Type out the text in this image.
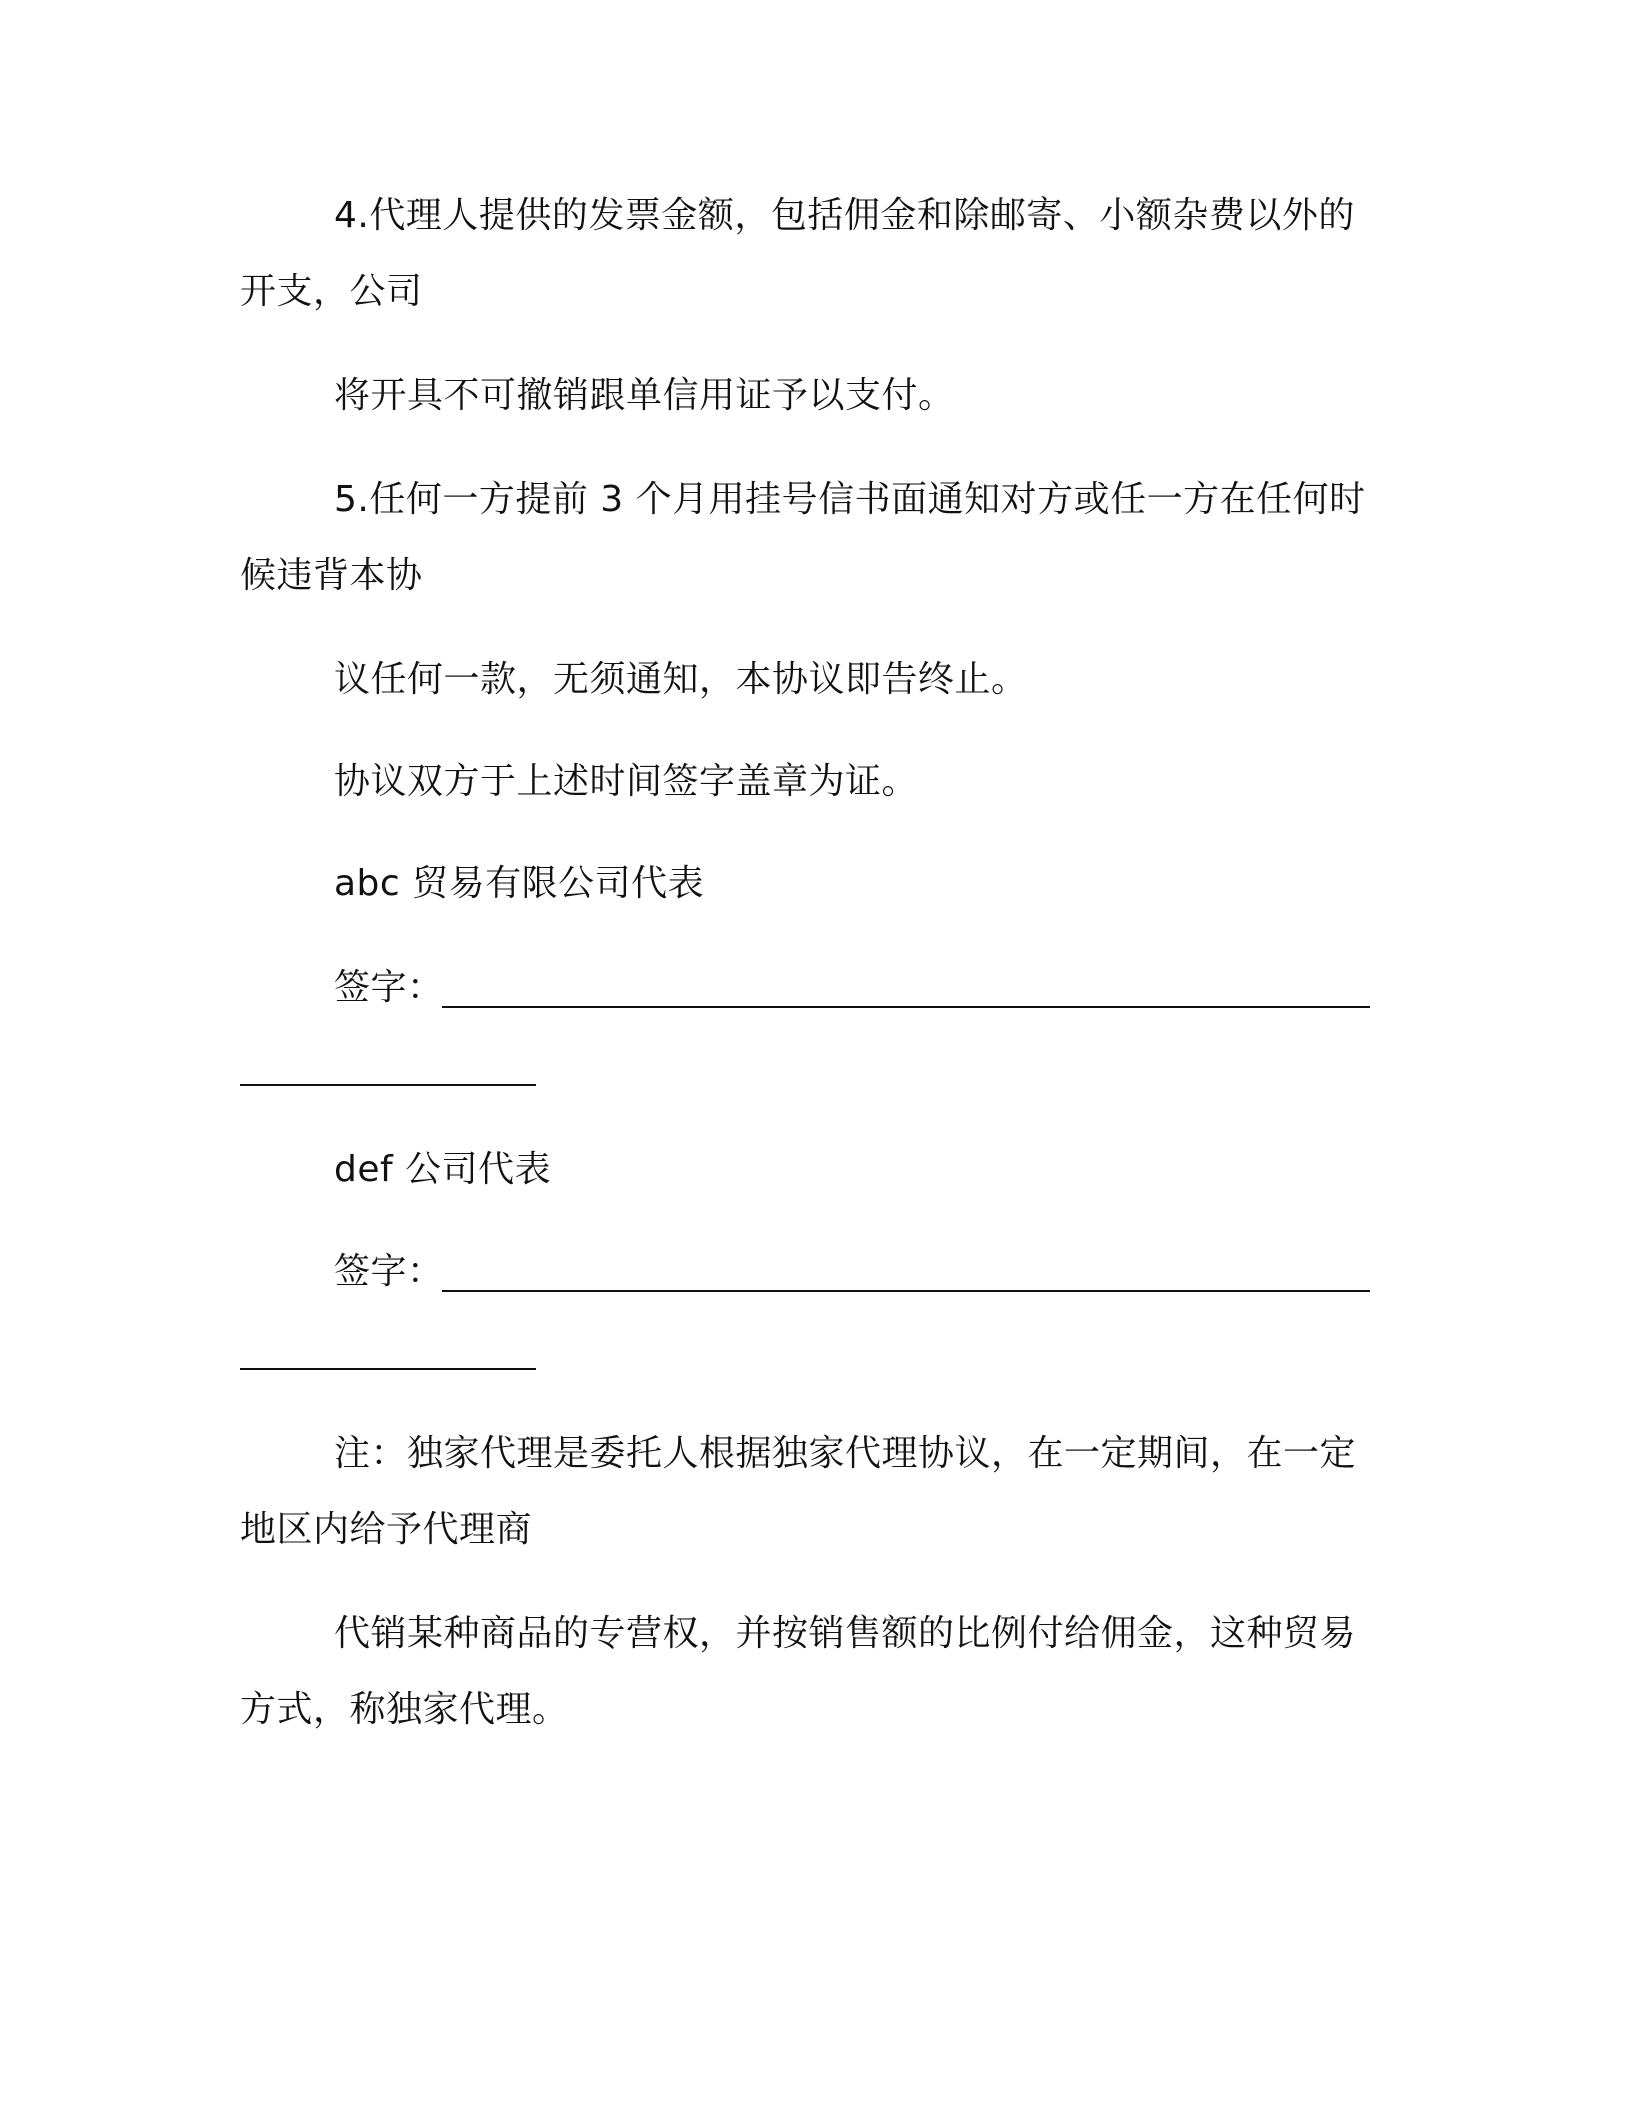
4.代理人提供的发票金额，包括佣金和除邮寄、小额杂费以外的
开支，公司
将开具不可撤销跟单信用证予以支付。
5.任何一方提前 3 个月用挂号信书面通知对方或任一方在任何时
候违背本协
议任何一款，无须通知，本协议即告终止。
协议双方于上述时间签字盖章为证。
abc 贸易有限公司代表
签字：
def 公司代表
签字：
注：独家代理是委托人根据独家代理协议，在一定期间，在一定
地区内给予代理商
代销某种商品的专营权，并按销售额的比例付给佣金，这种贸易
方式，称独家代理。
